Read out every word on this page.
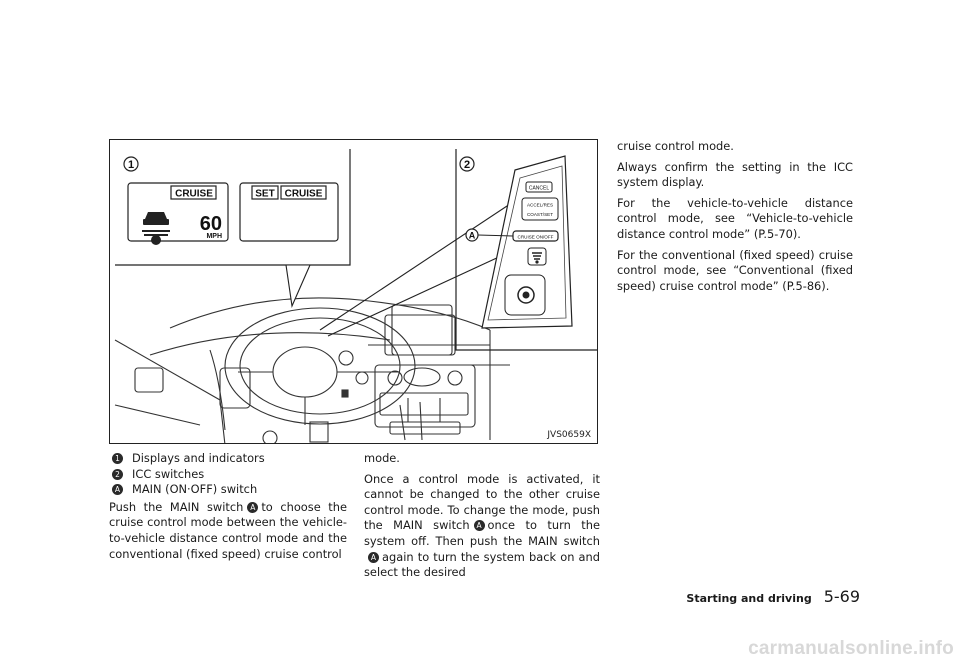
CRUISE
60
MPH
SET CRUISE
1
CANCEL
ACCEL/RES
COAST/SET
CRUISE ON/OFF
2
A
JVS0659X
1 Displays and indicators
2 ICC switches
A MAIN (ON·OFF) switch

Push the MAIN switch A to choose the cruise control mode between the vehicle-to-vehicle distance control mode and the conventional (fixed speed) cruise control

mode.

Once a control mode is activated, it cannot be changed to the other cruise control mode. To change the mode, push the MAIN switch A once to turn the system off. Then push the MAIN switchA again to turn the system back on and select the desired

cruise control mode.

Always confirm the setting in the ICC system display.

For the vehicle-to-vehicle distance control mode, see “Vehicle-to-vehicle distance control mode” (P.5-70).

For the conventional (fixed speed) cruise control mode, see “Conventional (fixed speed) cruise control mode” (P.5-86).

Starting and driving 5-69
carmanualsonline.info
